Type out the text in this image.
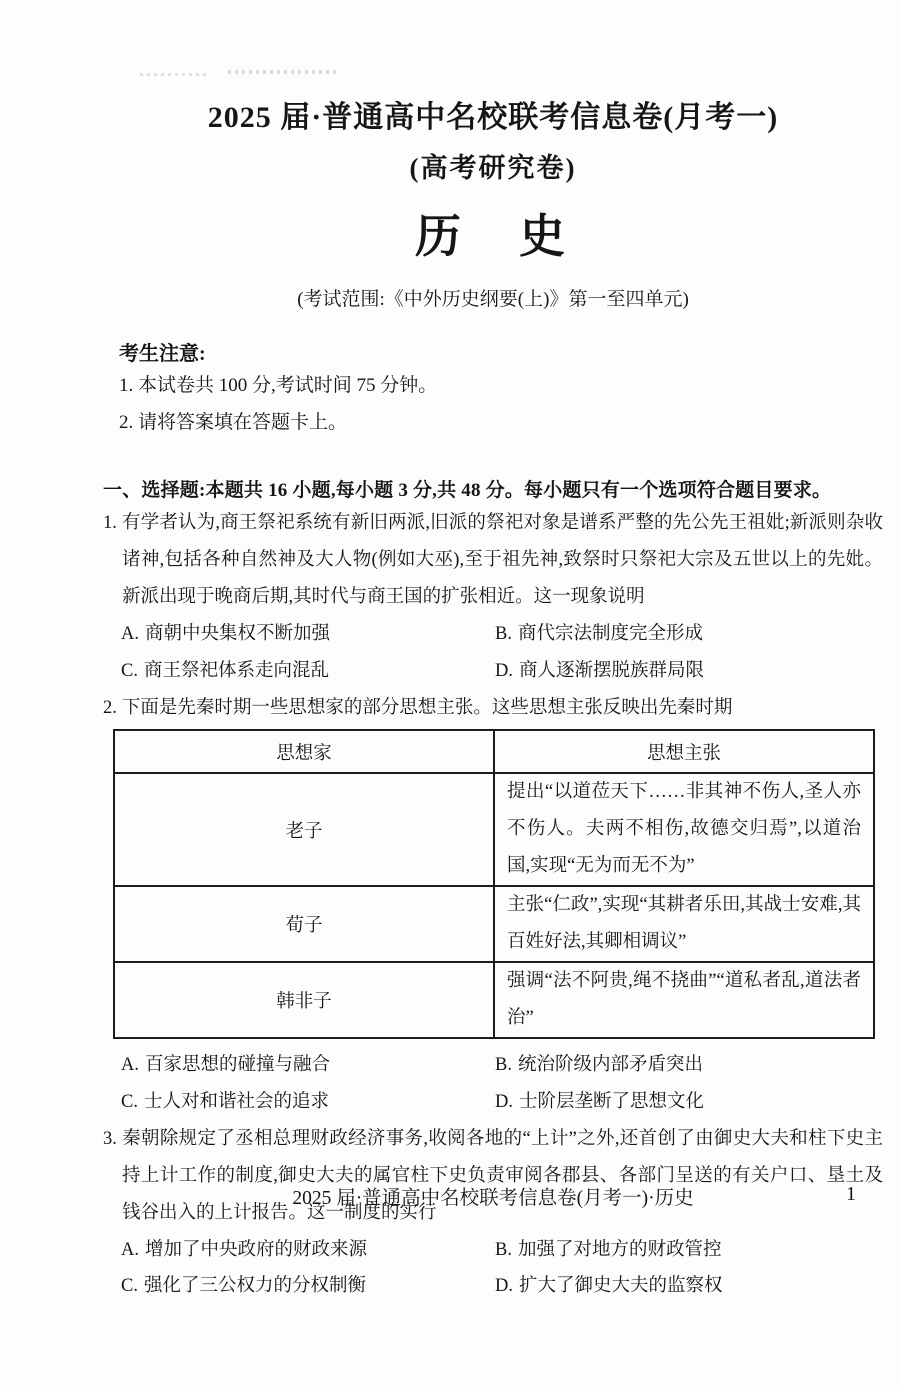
2025 届·普通高中名校联考信息卷(月考一)
(高考研究卷)
历　史
(考试范围:《中外历史纲要(上)》第一至四单元)
考生注意:
1. 本试卷共 100 分,考试时间 75 分钟。
2. 请将答案填在答题卡上。
一、选择题:本题共 16 小题,每小题 3 分,共 48 分。每小题只有一个选项符合题目要求。

1. 有学者认为,商王祭祀系统有新旧两派,旧派的祭祀对象是谱系严整的先公先王祖妣;新派则杂收诸神,包括各种自然神及大人物(例如大巫),至于祖先神,致祭时只祭祀大宗及五世以上的先妣。新派出现于晚商后期,其时代与商王国的扩张相近。这一现象说明

A. 商朝中央集权不断加强	B. 商代宗法制度完全形成
C. 商王祭祀体系走向混乱	D. 商人逐渐摆脱族群局限

2. 下面是先秦时期一些思想家的部分思想主张。这些思想主张反映出先秦时期

思想家	思想主张
老子	提出“以道莅天下……非其神不伤人,圣人亦不伤人。夫两不相伤,故德交归焉”,以道治国,实现“无为而无不为”
荀子	主张“仁政”,实现“其耕者乐田,其战士安难,其百姓好法,其卿相调议”
韩非子	强调“法不阿贵,绳不挠曲”“道私者乱,道法者治”
A. 百家思想的碰撞与融合	B. 统治阶级内部矛盾突出
C. 士人对和谐社会的追求	D. 士阶层垄断了思想文化

3. 秦朝除规定了丞相总理财政经济事务,收阅各地的“上计”之外,还首创了由御史大夫和柱下史主持上计工作的制度,御史大夫的属官柱下史负责审阅各郡县、各部门呈送的有关户口、垦土及钱谷出入的上计报告。这一制度的实行

A. 增加了中央政府的财政来源	B. 加强了对地方的财政管控
C. 强化了三公权力的分权制衡	D. 扩大了御史大夫的监察权
2025 届·普通高中名校联考信息卷(月考一)·历史	1
